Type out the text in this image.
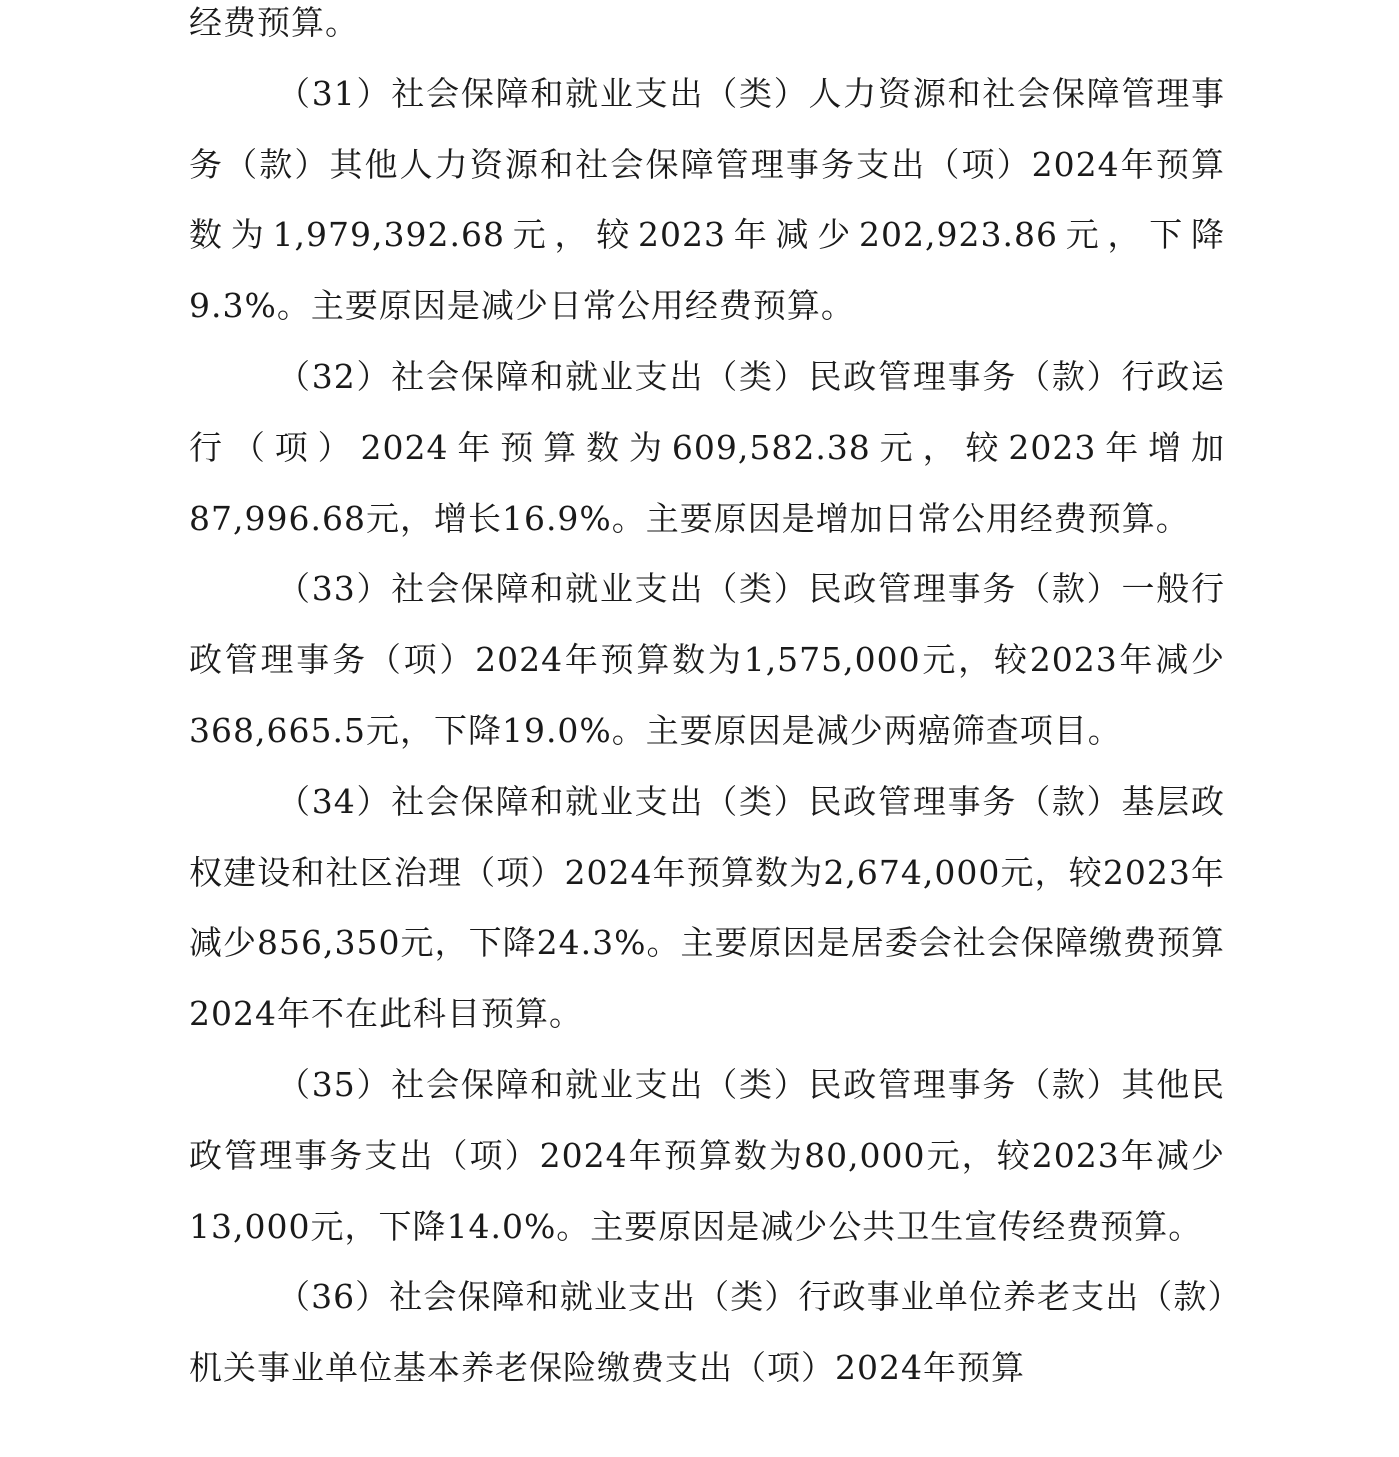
经费预算。

（31）社会保障和就业支出（类）人力资源和社会保障管理事务（款）其他人力资源和社会保障管理事务支出（项）2024年预算数为1,979,392.68元，较2023年减少202,923.86元，下降9.3%。主要原因是减少日常公用经费预算。

（32）社会保障和就业支出（类）民政管理事务（款）行政运行（项）2024年预算数为609,582.38元，较2023年增加87,996.68元，增长16.9%。主要原因是增加日常公用经费预算。

（33）社会保障和就业支出（类）民政管理事务（款）一般行政管理事务（项）2024年预算数为1,575,000元，较2023年减少368,665.5元，下降19.0%。主要原因是减少两癌筛查项目。

（34）社会保障和就业支出（类）民政管理事务（款）基层政权建设和社区治理（项）2024年预算数为2,674,000元，较2023年减少856,350元，下降24.3%。主要原因是居委会社会保障缴费预算2024年不在此科目预算。

（35）社会保障和就业支出（类）民政管理事务（款）其他民政管理事务支出（项）2024年预算数为80,000元，较2023年减少13,000元，下降14.0%。主要原因是减少公共卫生宣传经费预算。

（36）社会保障和就业支出（类）行政事业单位养老支出（款）机关事业单位基本养老保险缴费支出（项）2024年预算
